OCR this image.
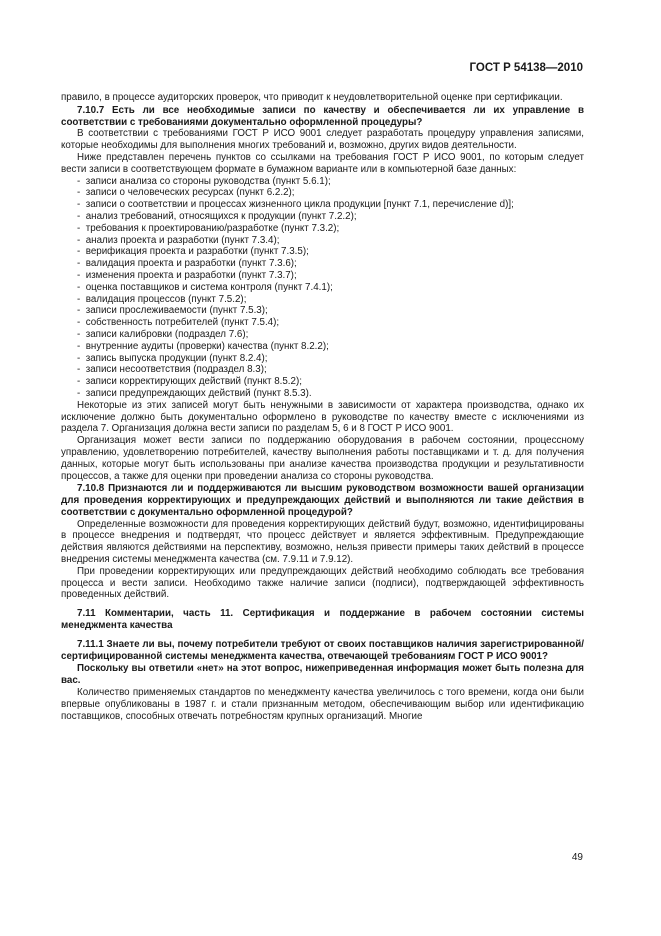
ГОСТ Р 54138—2010

правило, в процессе аудиторских проверок, что приводит к неудовлетворительной оценке при сертификации.

7.10.7 Есть ли все необходимые записи по качеству и обеспечивается ли их управление в соответствии с требованиями документально оформленной процедуры?

В соответствии с требованиями ГОСТ Р ИСО 9001 следует разработать процедуру управления записями, которые необходимы для выполнения многих требований и, возможно, других видов деятельности.

Ниже представлен перечень пунктов со ссылками на требования ГОСТ Р ИСО 9001, по которым следует вести записи в соответствующем формате в бумажном варианте или в компьютерной базе данных:

-  записи анализа со стороны руководства (пункт 5.6.1);
-  записи о человеческих ресурсах (пункт 6.2.2);
-  записи о соответствии и процессах жизненного цикла продукции [пункт 7.1, перечисление d)];
-  анализ требований, относящихся к продукции (пункт 7.2.2);
-  требования к проектированию/разработке (пункт 7.3.2);
-  анализ проекта и разработки (пункт 7.3.4);
-  верификация проекта и разработки (пункт 7.3.5);
-  валидация проекта и разработки (пункт 7.3.6);
-  изменения проекта и разработки (пункт 7.3.7);
-  оценка поставщиков и система контроля (пункт 7.4.1);
-  валидация процессов (пункт 7.5.2);
-  записи прослеживаемости (пункт 7.5.3);
-  собственность потребителей (пункт 7.5.4);
-  записи калибровки (подраздел 7.6);
-  внутренние аудиты (проверки) качества (пункт 8.2.2);
-  запись выпуска продукции (пункт 8.2.4);
-  записи несоответствия (подраздел 8.3);
-  записи корректирующих действий (пункт 8.5.2);
-  записи предупреждающих действий (пункт 8.5.3).

Некоторые из этих записей могут быть ненужными в зависимости от характера производства, однако их исключение должно быть документально оформлено в руководстве по качеству вместе с исключениями из раздела 7. Организация должна вести записи по разделам 5, 6 и 8 ГОСТ Р ИСО 9001.

Организация может вести записи по поддержанию оборудования в рабочем состоянии, процессному управлению, удовлетворению потребителей, качеству выполнения работы поставщиками и т. д. для получения данных, которые могут быть использованы при анализе качества производства продукции и результативности процессов, а также для оценки при проведении анализа со стороны руководства.

7.10.8 Признаются ли и поддерживаются ли высшим руководством возможности вашей организации для проведения корректирующих и предупреждающих действий и выполняются ли такие действия в соответствии с документально оформленной процедурой?

Определенные возможности для проведения корректирующих действий будут, возможно, идентифицированы в процессе внедрения и подтвердят, что процесс действует и является эффективным. Предупреждающие действия являются действиями на перспективу, возможно, нельзя привести примеры таких действий в процессе внедрения системы менеджмента качества (см. 7.9.11 и 7.9.12).

При проведении корректирующих или предупреждающих действий необходимо соблюдать все требования процесса и вести записи. Необходимо также наличие записи (подписи), подтверждающей эффективность проведенных действий.

7.11 Комментарии, часть 11. Сертификация и поддержание в рабочем состоянии системы менеджмента качества

7.11.1 Знаете ли вы, почему потребители требуют от своих поставщиков наличия зарегистрированной/сертифицированной системы менеджмента качества, отвечающей требованиям ГОСТ Р ИСО 9001?

Поскольку вы ответили «нет» на этот вопрос, нижеприведенная информация может быть полезна для вас.

Количество применяемых стандартов по менеджменту качества увеличилось с того времени, когда они были впервые опубликованы в 1987 г. и стали признанным методом, обеспечивающим выбор или идентификацию поставщиков, способных отвечать потребностям крупных организаций. Многие

49
